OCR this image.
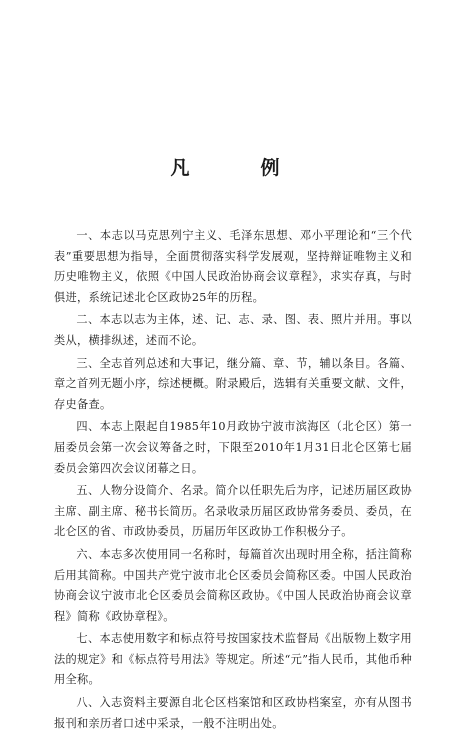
凡　例

一、本志以马克思列宁主义、毛泽东思想、邓小平理论和“三个代表”重要思想为指导，全面贯彻落实科学发展观，坚持辩证唯物主义和历史唯物主义，依照《中国人民政治协商会议章程》，求实存真，与时俱进，系统记述北仑区政协25年的历程。

二、本志以志为主体，述、记、志、录、图、表、照片并用。事以类从，横排纵述，述而不论。

三、全志首列总述和大事记，继分篇、章、节，辅以条目。各篇、章之首列无题小序，综述梗概。附录殿后，选辑有关重要文献、文件，存史备查。

四、本志上限起自1985年10月政协宁波市滨海区（北仑区）第一届委员会第一次会议筹备之时，下限至2010年1月31日北仑区第七届委员会第四次会议闭幕之日。

五、人物分设简介、名录。简介以任职先后为序，记述历届区政协主席、副主席、秘书长简历。名录收录历届区政协常务委员、委员，在北仑区的省、市政协委员，历届历年区政协工作积极分子。

六、本志多次使用同一名称时，每篇首次出现时用全称，括注简称后用其简称。中国共产党宁波市北仑区委员会简称区委。中国人民政治协商会议宁波市北仑区委员会简称区政协。《中国人民政治协商会议章程》简称《政协章程》。

七、本志使用数字和标点符号按国家技术监督局《出版物上数字用法的规定》和《标点符号用法》等规定。所述“元”指人民币，其他币种用全称。

八、入志资料主要源自北仑区档案馆和区政协档案室，亦有从图书报刊和亲历者口述中采录，一般不注明出处。
